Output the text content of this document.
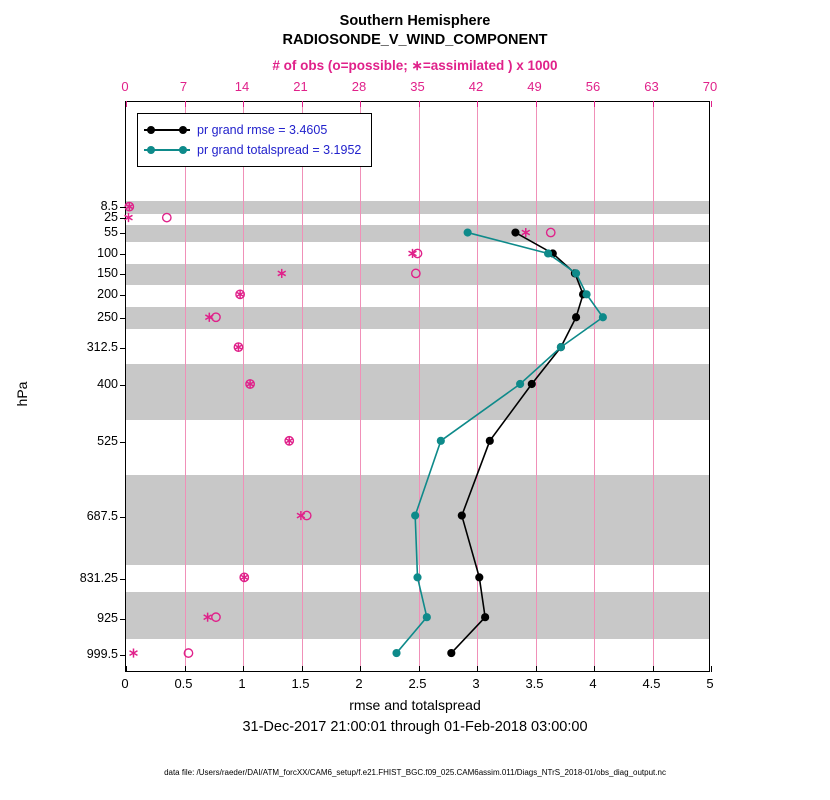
Southern Hemisphere
RADIOSONDE_V_WIND_COMPONENT
# of obs (o=possible; ∗=assimilated ) x 1000
pr grand rmse = 3.4605
pr grand totalspread = 3.1952
0	0.5	1	1.5	2	2.5	3	3.5	4	4.5	5
0	7	14	21	28	35	42	49	56	63	70
8.5
25
55
100
150
200
250
312.5
400
525
687.5
831.25
925
999.5
rmse and totalspread
31-Dec-2017 21:00:01 through 01-Feb-2018 03:00:00
hPa
data file: /Users/raeder/DAI/ATM_forcXX/CAM6_setup/f.e21.FHIST_BGC.f09_025.CAM6assim.011/Diags_NTrS_2018-01/obs_diag_output.nc
